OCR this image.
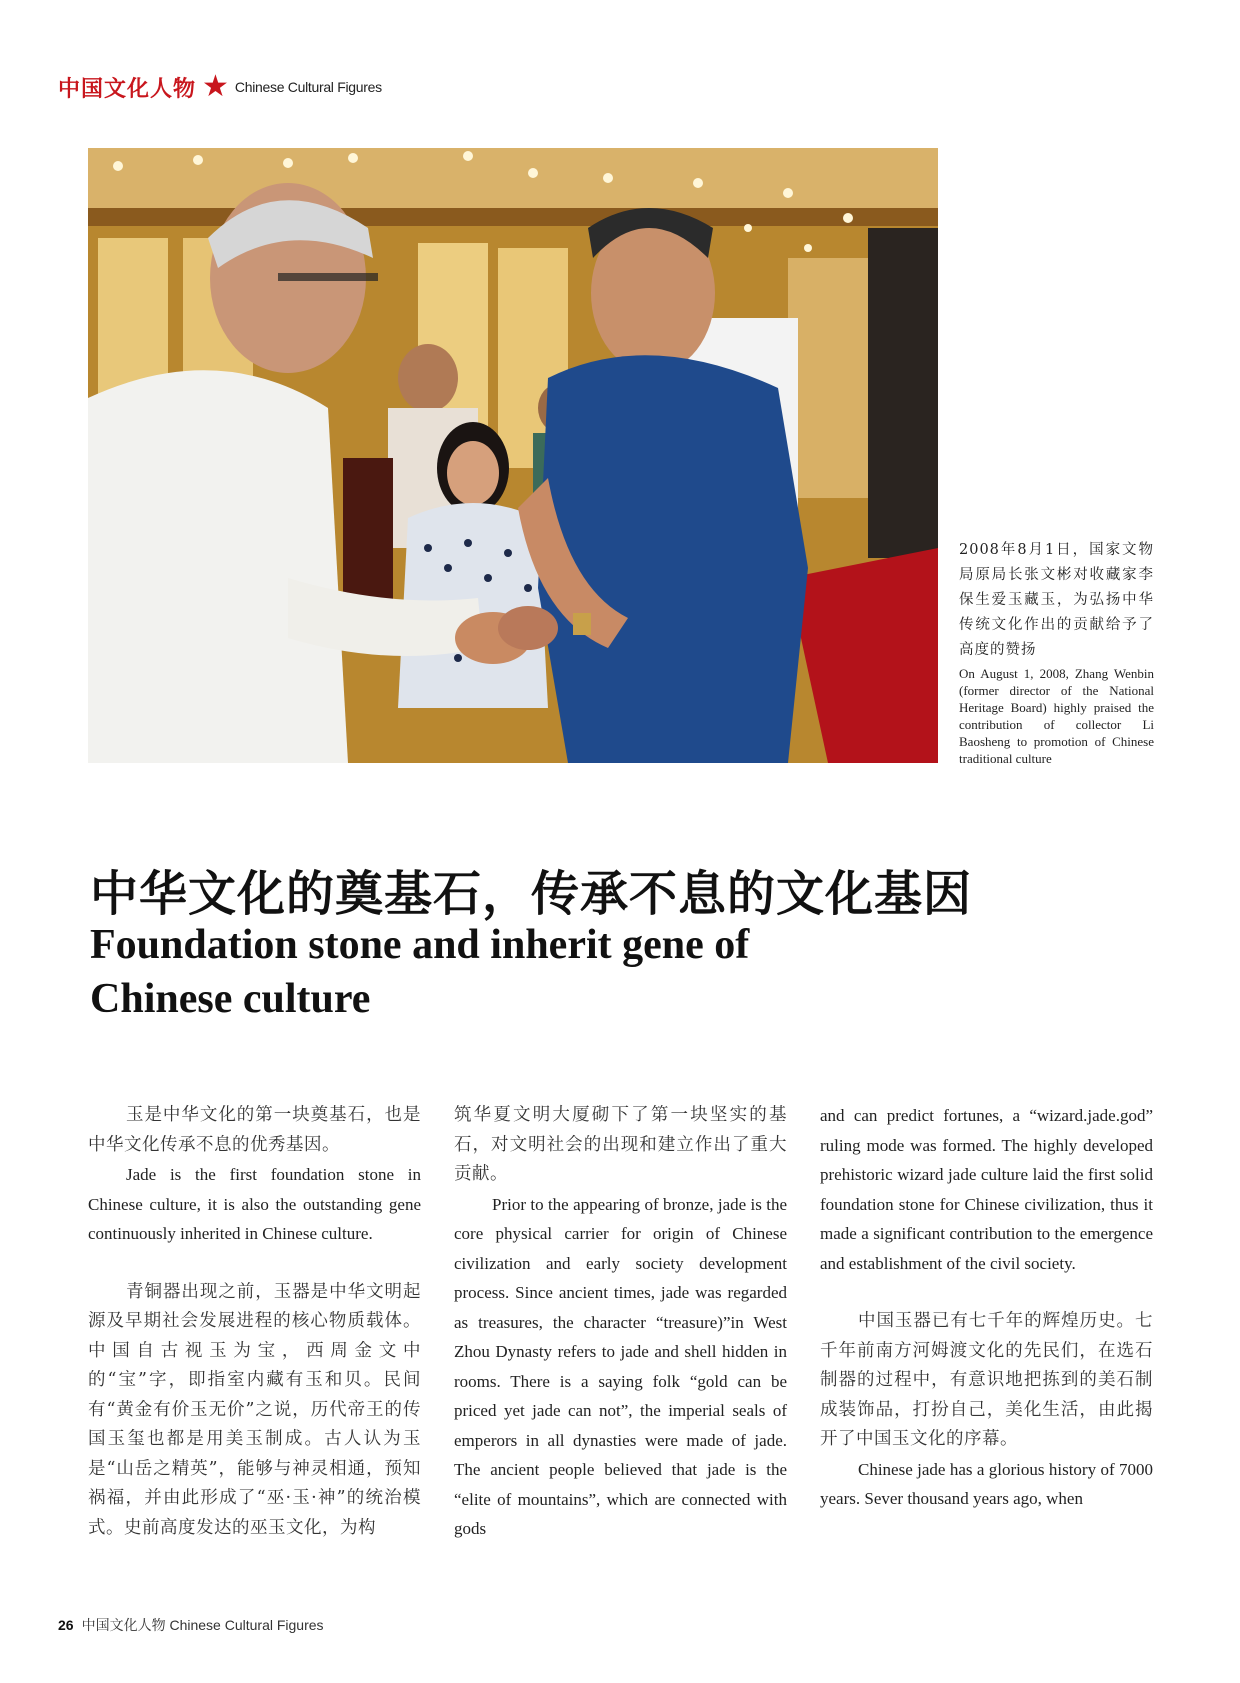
中国文化人物 ★ Chinese Cultural Figures
2008年8月1日，国家文物局原局长张文彬对收藏家李保生爱玉藏玉，为弘扬中华传统文化作出的贡献给予了高度的赞扬
On August 1, 2008, Zhang Wenbin (former director of the National Heritage Board) highly praised the contribution of collector Li Baosheng to promotion of Chinese traditional culture
中华文化的奠基石，传承不息的文化基因
Foundation stone and inherit gene of
Chinese culture

玉是中华文化的第一块奠基石，也是中华文化传承不息的优秀基因。

Jade is the first foundation stone in Chinese culture, it is also the outstanding gene continuously inherited in Chinese culture.

青铜器出现之前，玉器是中华文明起源及早期社会发展进程的核心物质载体。中国自古视玉为宝，西周金文中的“宝”字，即指室内藏有玉和贝。民间有“黄金有价玉无价”之说，历代帝王的传国玉玺也都是用美玉制成。古人认为玉是“山岳之精英”，能够与神灵相通，预知祸福，并由此形成了“巫·玉·神”的统治模式。史前高度发达的巫玉文化，为构

筑华夏文明大厦砌下了第一块坚实的基石，对文明社会的出现和建立作出了重大贡献。

Prior to the appearing of bronze, jade is the core physical carrier for origin of Chinese civilization and early society development process. Since ancient times, jade was regarded as treasures, the character “treasure)”in West Zhou Dynasty refers to jade and shell hidden in rooms. There is a saying folk “gold can be priced yet jade can not”, the imperial seals of emperors in all dynasties were made of jade. The ancient people believed that jade is the “elite of mountains”, which are connected with gods

and can predict fortunes, a “wizard.jade.god” ruling mode was formed. The highly developed prehistoric wizard jade culture laid the first solid foundation stone for Chinese civilization, thus it made a significant contribution to the emergence and establishment of the civil society.

中国玉器已有七千年的辉煌历史。七千年前南方河姆渡文化的先民们，在选石制器的过程中，有意识地把拣到的美石制成装饰品，打扮自己，美化生活，由此揭开了中国玉文化的序幕。

Chinese jade has a glorious history of 7000 years. Sever thousand years ago, when

26 中国文化人物 Chinese Cultural Figures
